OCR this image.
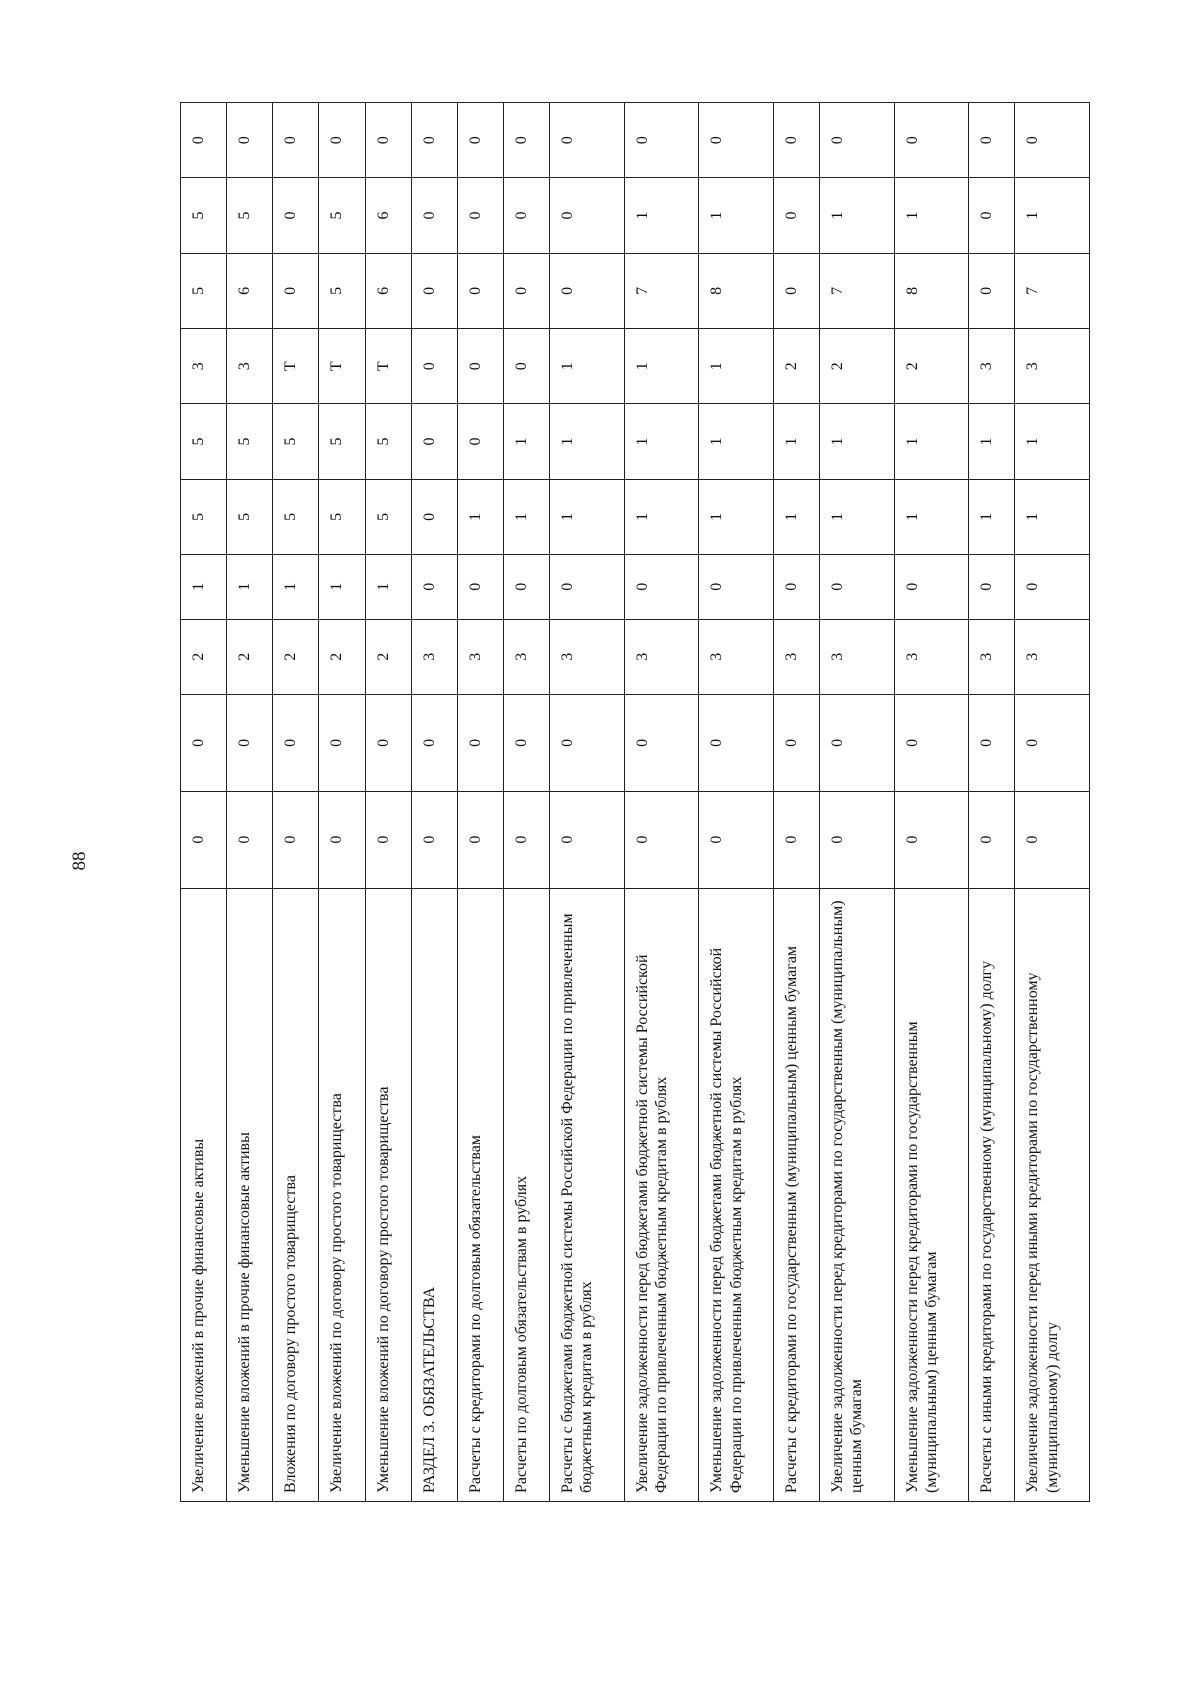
88
Увеличение вложений в прочие финансовые активы	0	0	2	1	5	5	3	5	5	0
Уменьшение вложений в прочие финансовые активы	0	0	2	1	5	5	3	6	5	0
Вложения по договору простого товарищества	0	0	2	1	5	5	Т	0	0	0
Увеличение вложений по договору простого товарищества	0	0	2	1	5	5	Т	5	5	0
Уменьшение вложений по договору простого товарищества	0	0	2	1	5	5	Т	6	6	0
РАЗДЕЛ 3. ОБЯЗАТЕЛЬСТВА	0	0	3	0	0	0	0	0	0	0
Расчеты с кредиторами по долговым обязательствам	0	0	3	0	1	0	0	0	0	0
Расчеты по долговым обязательствам в рублях	0	0	3	0	1	1	0	0	0	0
Расчеты с бюджетами бюджетной системы Российской Федерации по привлеченным бюджетным кредитам в рублях	0	0	3	0	1	1	1	0	0	0
Увеличение задолженности перед бюджетами бюджетной системы Российской Федерации по привлеченным бюджетным кредитам в рублях	0	0	3	0	1	1	1	7	1	0
Уменьшение задолженности перед бюджетами бюджетной системы Российской Федерации по привлеченным бюджетным кредитам в рублях	0	0	3	0	1	1	1	8	1	0
Расчеты с кредиторами по государственным (муниципальным) ценным бумагам	0	0	3	0	1	1	2	0	0	0
Увеличение задолженности перед кредиторами по государственным (муниципальным) ценным бумагам	0	0	3	0	1	1	2	7	1	0
Уменьшение задолженности перед кредиторами по государственным (муниципальным) ценным бумагам	0	0	3	0	1	1	2	8	1	0
Расчеты с иными кредиторами по государственному (муниципальному) долгу	0	0	3	0	1	1	3	0	0	0
Увеличение задолженности перед иными кредиторами по государственному (муниципальному) долгу	0	0	3	0	1	1	3	7	1	0
